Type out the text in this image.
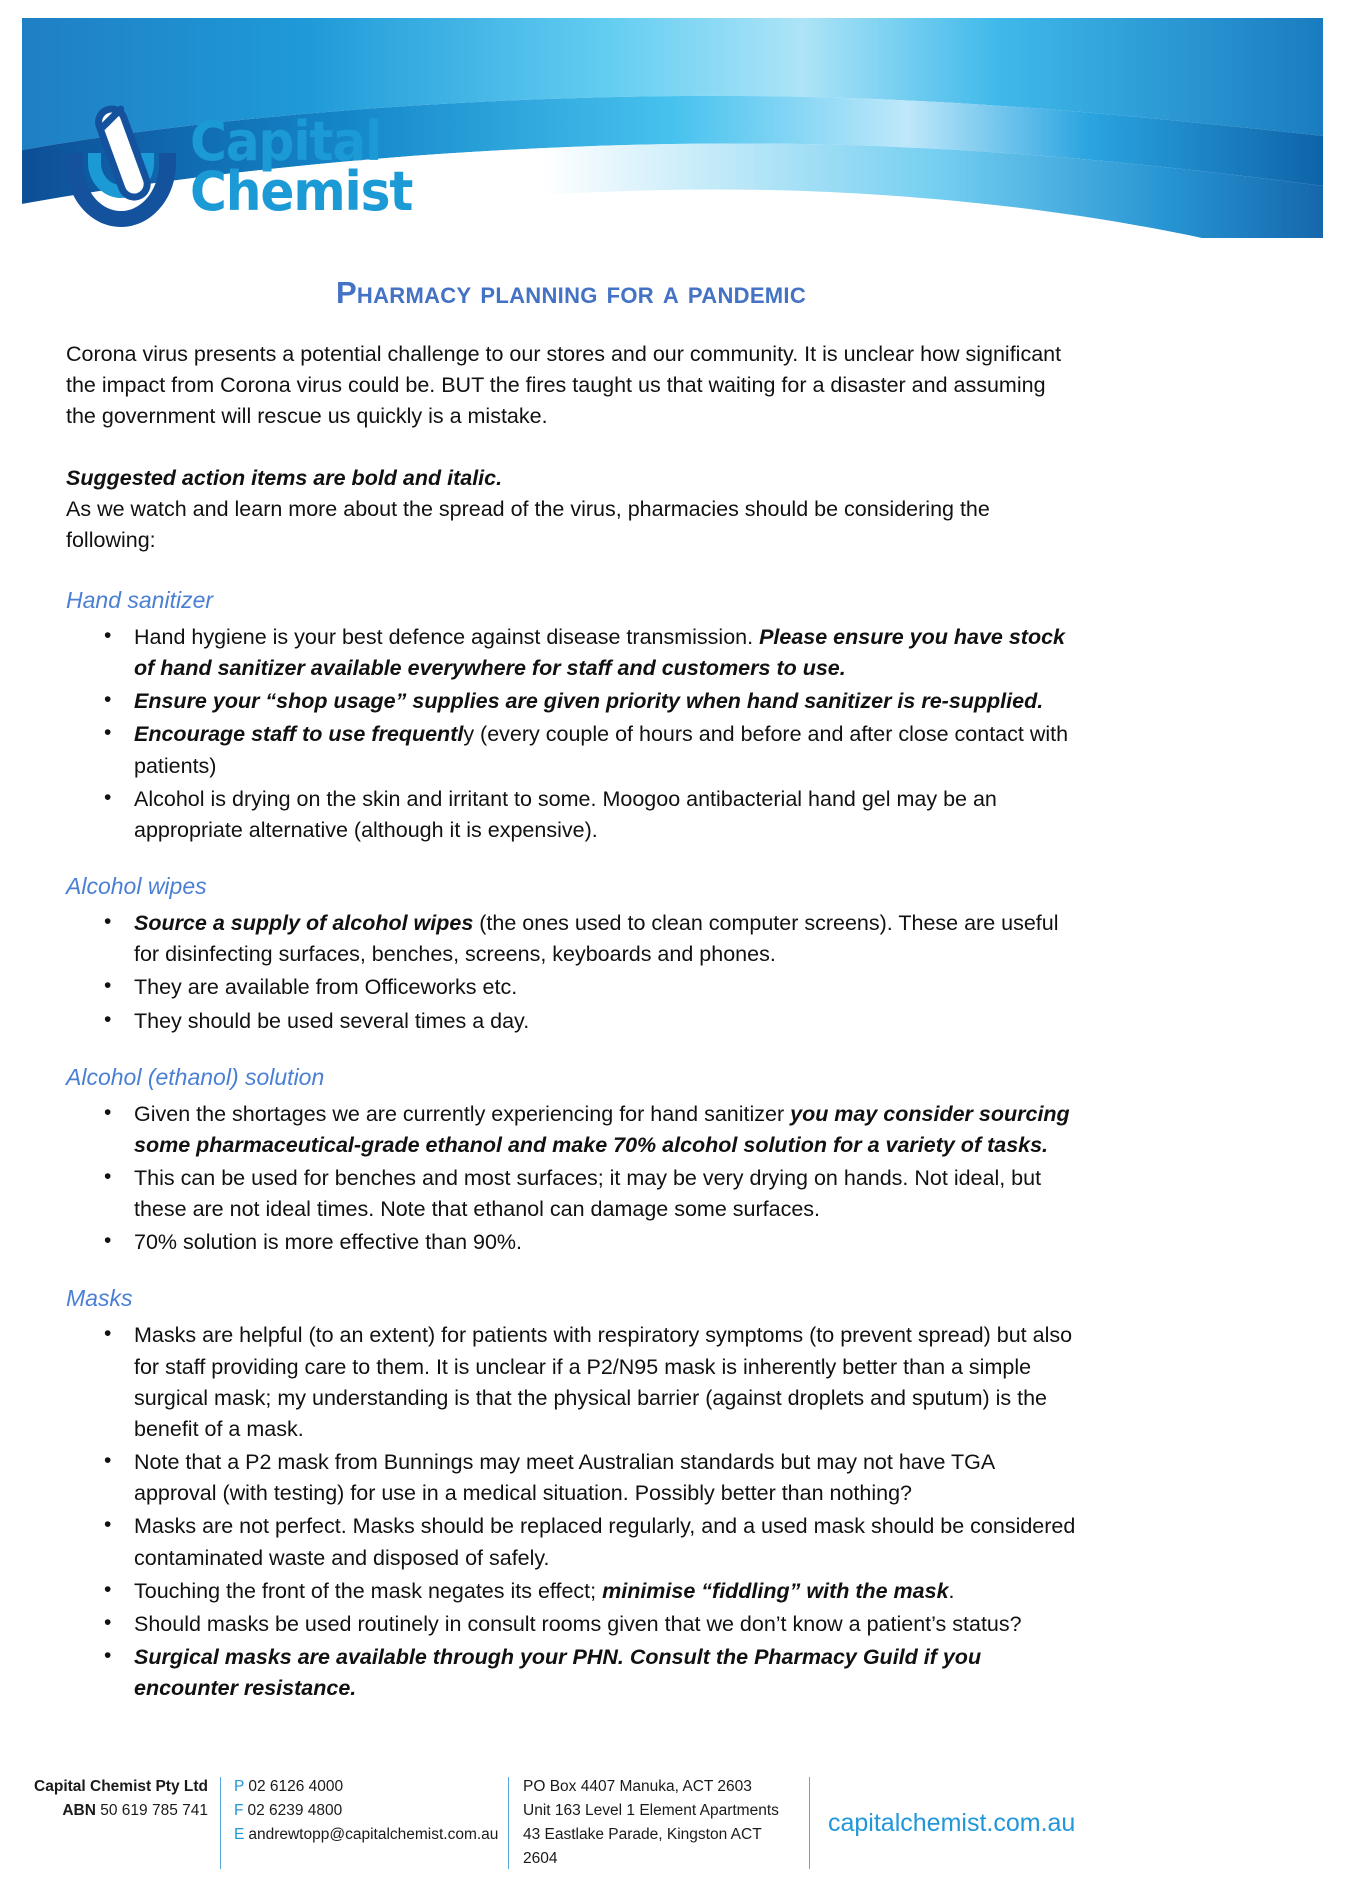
Capital
Chemist
Pharmacy planning for a pandemic

Corona virus presents a potential challenge to our stores and our community. It is unclear how significant the impact from Corona virus could be. BUT the fires taught us that waiting for a disaster and assuming the government will rescue us quickly is a mistake.

Suggested action items are bold and italic.

As we watch and learn more about the spread of the virus, pharmacies should be considering the following:

Hand sanitizer
• Hand hygiene is your best defence against disease transmission. Please ensure you have stock of hand sanitizer available everywhere for staff and customers to use.
• Ensure your “shop usage” supplies are given priority when hand sanitizer is re-supplied.
• Encourage staff to use frequently (every couple of hours and before and after close contact with patients)
• Alcohol is drying on the skin and irritant to some. Moogoo antibacterial hand gel may be an appropriate alternative (although it is expensive).
Alcohol wipes
• Source a supply of alcohol wipes (the ones used to clean computer screens). These are useful for disinfecting surfaces, benches, screens, keyboards and phones.
• They are available from Officeworks etc.
• They should be used several times a day.
Alcohol (ethanol) solution
• Given the shortages we are currently experiencing for hand sanitizer you may consider sourcing some pharmaceutical-grade ethanol and make 70% alcohol solution for a variety of tasks.
• This can be used for benches and most surfaces; it may be very drying on hands. Not ideal, but these are not ideal times. Note that ethanol can damage some surfaces.
• 70% solution is more effective than 90%.
Masks
• Masks are helpful (to an extent) for patients with respiratory symptoms (to prevent spread) but also for staff providing care to them. It is unclear if a P2/N95 mask is inherently better than a simple surgical mask; my understanding is that the physical barrier (against droplets and sputum) is the benefit of a mask.
• Note that a P2 mask from Bunnings may meet Australian standards but may not have TGA approval (with testing) for use in a medical situation. Possibly better than nothing?
• Masks are not perfect. Masks should be replaced regularly, and a used mask should be considered contaminated waste and disposed of safely.
• Touching the front of the mask negates its effect; minimise “fiddling” with the mask.
• Should masks be used routinely in consult rooms given that we don’t know a patient’s status?
• Surgical masks are available through your PHN. Consult the Pharmacy Guild if you encounter resistance.
Capital Chemist Pty Ltd
ABN 50 619 785 741
P 02 6126 4000
F 02 6239 4800
E andrewtopp@capitalchemist.com.au
PO Box 4407 Manuka, ACT 2603
Unit 163 Level 1 Element Apartments
43 Eastlake Parade, Kingston ACT 2604
capitalchemist.com.au
